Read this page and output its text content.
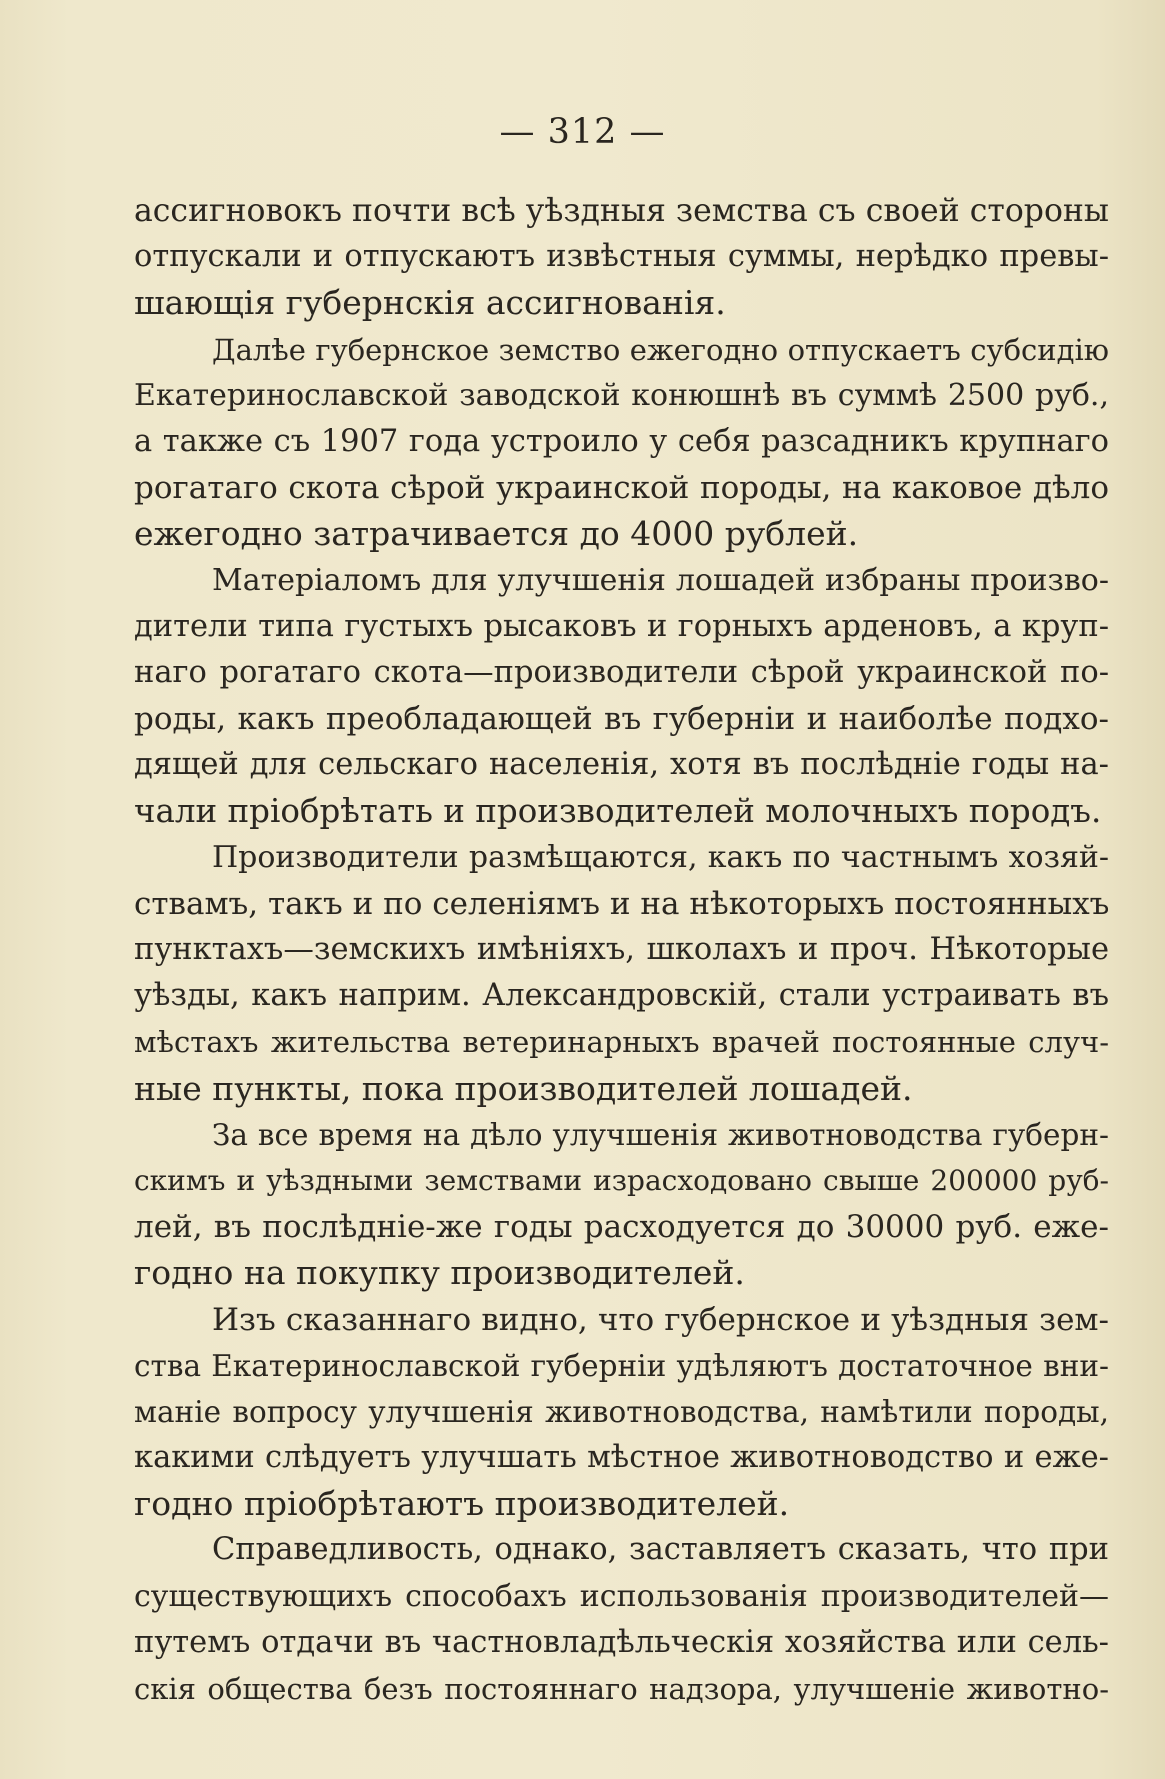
— 312 —
ассигновокъ почти всѣ уѣздныя земства съ своей стороны
отпускали и отпускаютъ извѣстныя суммы, нерѣдко превы-
шающія губернскія ассигнованія.
Далѣе губернское земство ежегодно отпускаетъ субсидію
Екатеринославской заводской конюшнѣ въ суммѣ 2500 руб.,
а также съ 1907 года устроило у себя разсадникъ крупнаго
рогатаго скота сѣрой украинской породы, на каковое дѣло
ежегодно затрачивается до 4000 рублей.
Матеріаломъ для улучшенія лошадей избраны произво-
дители типа густыхъ рысаковъ и горныхъ арденовъ, а круп-
наго рогатаго скота—производители сѣрой украинской по-
роды, какъ преобладающей въ губерніи и наиболѣе подхо-
дящей для сельскаго населенія, хотя въ послѣдніе годы на-
чали пріобрѣтать и производителей молочныхъ породъ.
Производители размѣщаются, какъ по частнымъ хозяй-
ствамъ, такъ и по селеніямъ и на нѣкоторыхъ постоянныхъ
пунктахъ—земскихъ имѣніяхъ, школахъ и проч. Нѣкоторые
уѣзды, какъ наприм. Александровскій, стали устраивать въ
мѣстахъ жительства ветеринарныхъ врачей постоянные случ-
ные пункты, пока производителей лошадей.
За все время на дѣло улучшенія животноводства губерн-
скимъ и уѣздными земствами израсходовано свыше 200000 руб-
лей, въ послѣдніе-же годы расходуется до 30000 руб. еже-
годно на покупку производителей.
Изъ сказаннаго видно, что губернское и уѣздныя зем-
ства Екатеринославской губерніи удѣляютъ достаточное вни-
маніе вопросу улучшенія животноводства, намѣтили породы,
какими слѣдуетъ улучшать мѣстное животноводство и еже-
годно пріобрѣтаютъ производителей.
Справедливость, однако, заставляетъ сказать, что при
существующихъ способахъ использованія производителей—
путемъ отдачи въ частновладѣльческія хозяйства или сель-
скія общества безъ постояннаго надзора, улучшеніе животно-
